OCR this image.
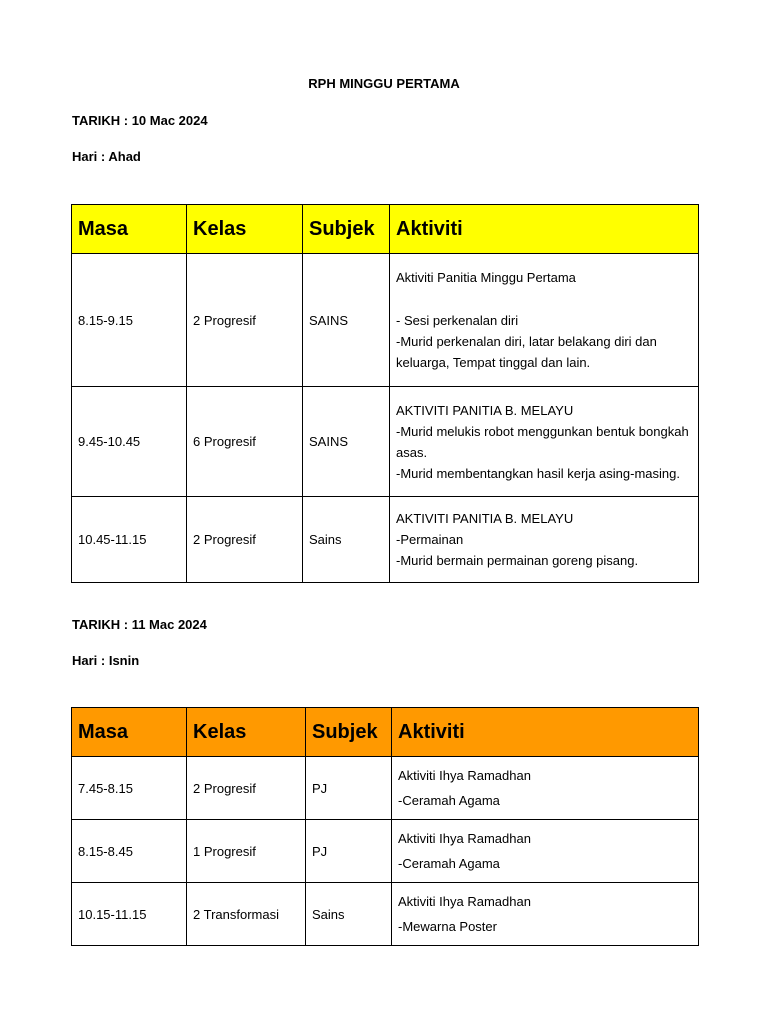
RPH MINGGU PERTAMA
TARIKH : 10 Mac 2024
Hari : Ahad
Masa	Kelas	Subjek	Aktiviti
8.15-9.15	2 Progresif	SAINS	Aktiviti Panitia Minggu Pertama
- Sesi perkenalan diri
-Murid perkenalan diri, latar belakang diri dan keluarga, Tempat tinggal dan lain.

9.45-10.45	6 Progresif	SAINS	AKTIVITI PANITIA B. MELAYU
-Murid melukis robot menggunkan bentuk bongkah asas.
-Murid membentangkan hasil kerja asing-masing.

10.45-11.15	2 Progresif	Sains	AKTIVITI PANITIA B. MELAYU
-Permainan
-Murid bermain permainan goreng pisang.
TARIKH : 11 Mac 2024
Hari : Isnin
Masa	Kelas	Subjek	Aktiviti
7.45-8.15	2 Progresif	PJ	Aktiviti Ihya Ramadhan
-Ceramah Agama

8.15-8.45	1 Progresif	PJ	Aktiviti Ihya Ramadhan
-Ceramah Agama

10.15-11.15	2 Transformasi	Sains	Aktiviti Ihya Ramadhan
-Mewarna Poster
